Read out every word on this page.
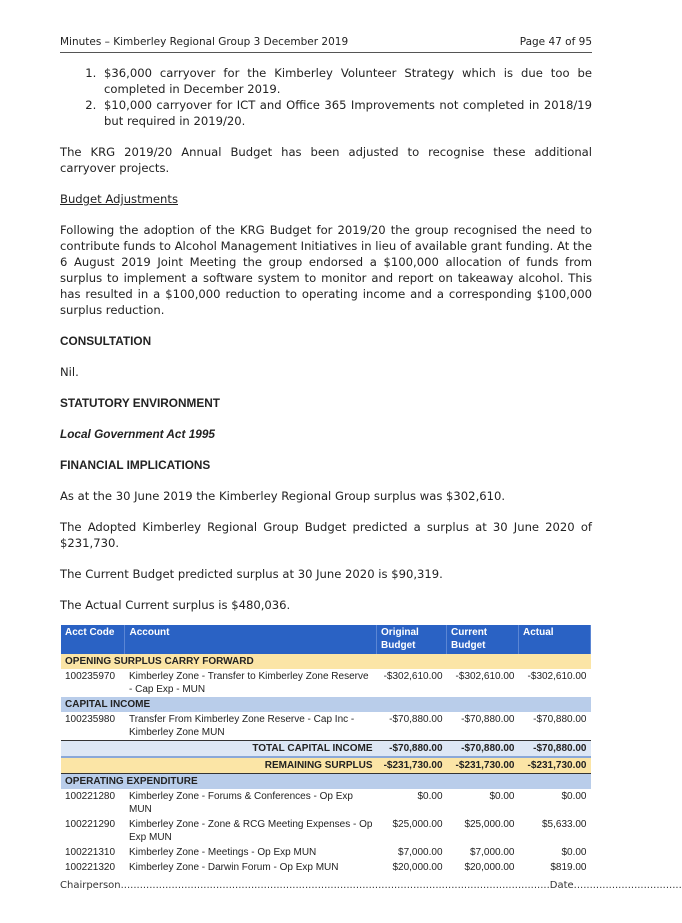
Minutes – Kimberley Regional Group 3 December 2019	Page 47 of 95
1. $36,000 carryover for the Kimberley Volunteer Strategy which is due too be completed in December 2019.
2. $10,000 carryover for ICT and Office 365 Improvements not completed in 2018/19 but required in 2019/20.

The KRG 2019/20 Annual Budget has been adjusted to recognise these additional carryover projects.

Budget Adjustments

Following the adoption of the KRG Budget for 2019/20 the group recognised the need to contribute funds to Alcohol Management Initiatives in lieu of available grant funding. At the 6 August 2019 Joint Meeting the group endorsed a $100,000 allocation of funds from surplus to implement a software system to monitor and report on takeaway alcohol. This has resulted in a $100,000 reduction to operating income and a corresponding $100,000 surplus reduction.

CONSULTATION

Nil.

STATUTORY ENVIRONMENT
Local Government Act 1995
FINANCIAL IMPLICATIONS

As at the 30 June 2019 the Kimberley Regional Group surplus was $302,610.

The Adopted Kimberley Regional Group Budget predicted a surplus at 30 June 2020 of $231,730.

The Current Budget predicted surplus at 30 June 2020 is $90,319.

The Actual Current surplus is $480,036.

Acct Code	Account	Original Budget	Current Budget	Actual
OPENING SURPLUS CARRY FORWARD				
100235970	Kimberley Zone - Transfer to Kimberley Zone Reserve - Cap Exp - MUN	-$302,610.00	-$302,610.00	-$302,610.00
CAPITAL INCOME				
100235980	Transfer From Kimberley Zone Reserve - Cap Inc - Kimberley Zone MUN	-$70,880.00	-$70,880.00	-$70,880.00
TOTAL CAPITAL INCOME		-$70,880.00	-$70,880.00	-$70,880.00
REMAINING SURPLUS		-$231,730.00	-$231,730.00	-$231,730.00
OPERATING EXPENDITURE				
100221280	Kimberley Zone - Forums & Conferences - Op Exp MUN	$0.00	$0.00	$0.00
100221290	Kimberley Zone - Zone & RCG Meeting Expenses - Op Exp MUN	$25,000.00	$25,000.00	$5,633.00
100221310	Kimberley Zone - Meetings - Op Exp MUN	$7,000.00	$7,000.00	$0.00
100221320	Kimberley Zone - Darwin Forum - Op Exp MUN	$20,000.00	$20,000.00	$819.00
Chairperson.......................................................................................................................................Date..................................
